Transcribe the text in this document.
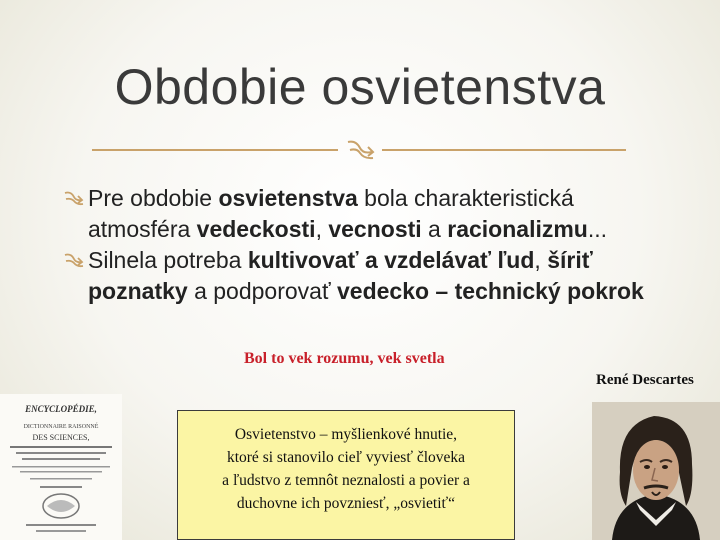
Obdobie osvietenstva
Pre obdobie osvietenstva bola charakteristická atmosféra vedeckosti, vecnosti a racionalizmu...
Silnela potreba kultivovať a vzdelávať ľud, šíriť poznatky a podporovať vedecko – technický pokrok
Bol to vek rozumu, vek svetla
René Descartes
ENCYCLOPÉDIE,
DICTIONNAIRE RAISONNÉ
DES SCIENCES,	Osvietenstvo – myšlienkové hnutie,
ktoré si stanovilo cieľ vyviesť človeka
a ľudstvo z temnôt neznalosti a povier a
duchovne ich povzniesť, „osvietiť“
